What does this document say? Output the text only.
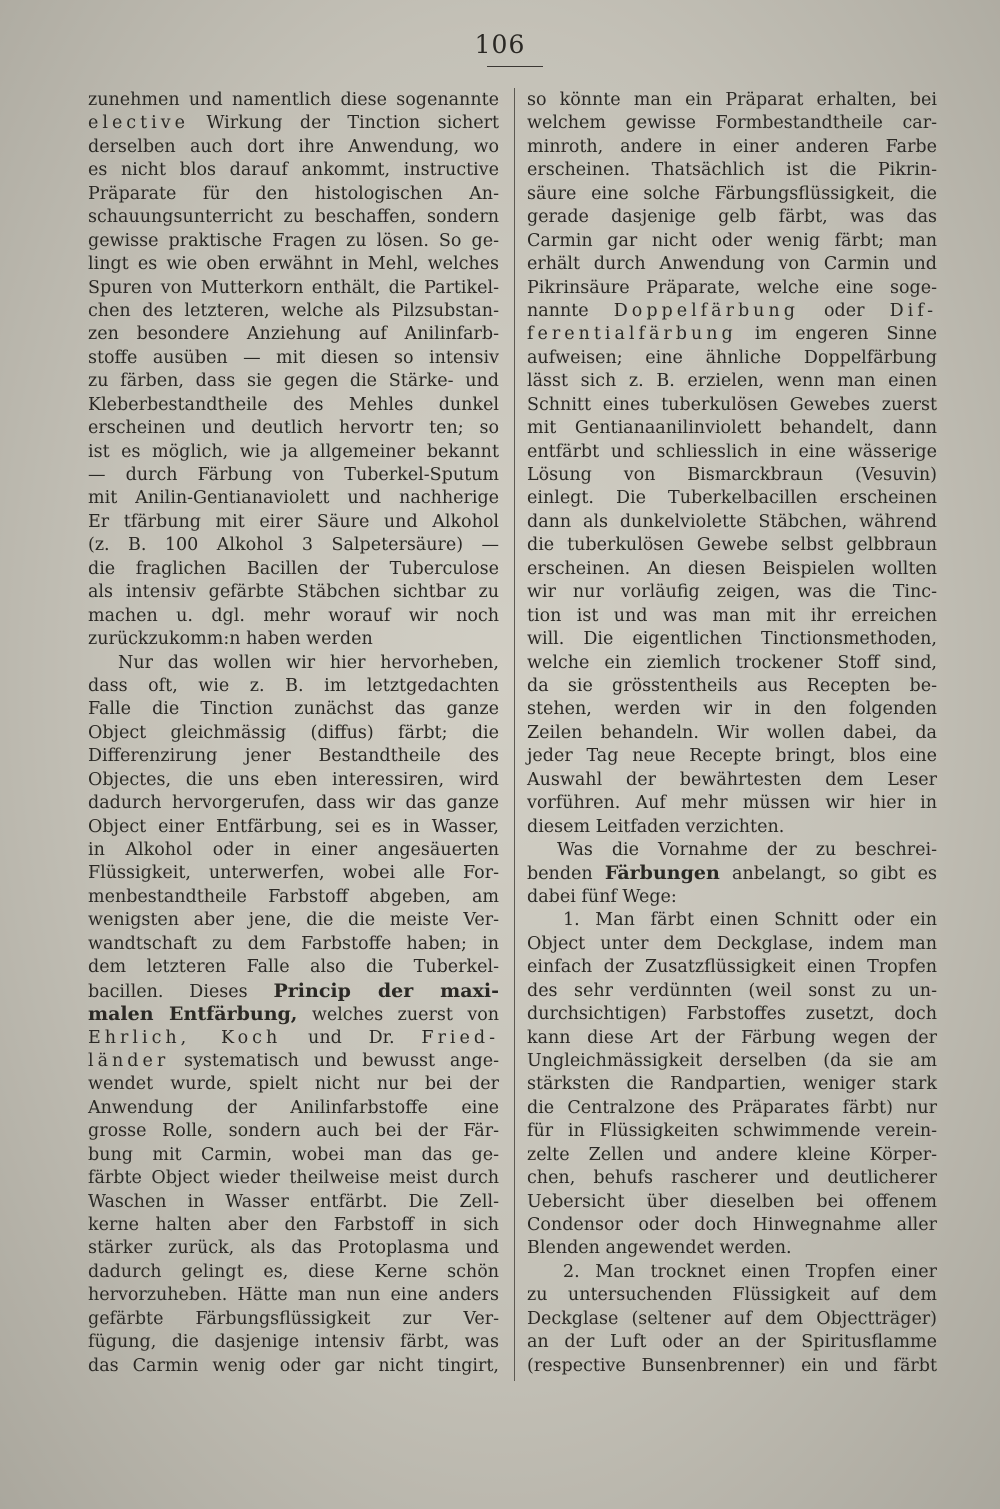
106
zunehmen und namentlich diese sogenannte
elective Wirkung der Tinction sichert
derselben auch dort ihre Anwendung, wo
es nicht blos darauf ankommt, instructive
Präparate für den histologischen An-
schauungsunterricht zu beschaffen, sondern
gewisse praktische Fragen zu lösen. So ge-
lingt es wie oben erwähnt in Mehl, welches
Spuren von Mutterkorn enthält, die Partikel-
chen des letzteren, welche als Pilzsubstan-
zen besondere Anziehung auf Anilinfarb-
stoffe ausüben — mit diesen so intensiv
zu färben, dass sie gegen die Stärke- und
Kleberbestandtheile des Mehles dunkel
erscheinen und deutlich hervortr ten; so
ist es möglich, wie ja allgemeiner bekannt
— durch Färbung von Tuberkel-Sputum
mit Anilin-Gentianaviolett und nachherige
Er tfärbung mit eirer Säure und Alkohol
(z. B. 100 Alkohol 3 Salpetersäure) —
die fraglichen Bacillen der Tuberculose
als intensiv gefärbte Stäbchen sichtbar zu
machen u. dgl. mehr worauf wir noch
zurückzukomm:n haben werden
Nur das wollen wir hier hervorheben,
dass oft, wie z. B. im letztgedachten
Falle die Tinction zunächst das ganze
Object gleichmässig (diffus) färbt; die
Differenzirung jener Bestandtheile des
Objectes, die uns eben interessiren, wird
dadurch hervorgerufen, dass wir das ganze
Object einer Entfärbung, sei es in Wasser,
in Alkohol oder in einer angesäuerten
Flüssigkeit, unterwerfen, wobei alle For-
menbestandtheile Farbstoff abgeben, am
wenigsten aber jene, die die meiste Ver-
wandtschaft zu dem Farbstoffe haben; in
dem letzteren Falle also die Tuberkel-
bacillen. Dieses Princip der maxi-
malen Entfärbung, welches zuerst von
Ehrlich, Koch und Dr. Fried-
länder systematisch und bewusst ange-
wendet wurde, spielt nicht nur bei der
Anwendung der Anilinfarbstoffe eine
grosse Rolle, sondern auch bei der Fär-
bung mit Carmin, wobei man das ge-
färbte Object wieder theilweise meist durch
Waschen in Wasser entfärbt. Die Zell-
kerne halten aber den Farbstoff in sich
stärker zurück, als das Protoplasma und
dadurch gelingt es, diese Kerne schön
hervorzuheben. Hätte man nun eine anders
gefärbte Färbungsflüssigkeit zur Ver-
fügung, die dasjenige intensiv färbt, was
das Carmin wenig oder gar nicht tingirt,
so könnte man ein Präparat erhalten, bei
welchem gewisse Formbestandtheile car-
minroth, andere in einer anderen Farbe
erscheinen. Thatsächlich ist die Pikrin-
säure eine solche Färbungsflüssigkeit, die
gerade dasjenige gelb färbt, was das
Carmin gar nicht oder wenig färbt; man
erhält durch Anwendung von Carmin und
Pikrinsäure Präparate, welche eine soge-
nannte Doppelfärbung oder Dif-
ferentialfärbung im engeren Sinne
aufweisen; eine ähnliche Doppelfärbung
lässt sich z. B. erzielen, wenn man einen
Schnitt eines tuberkulösen Gewebes zuerst
mit Gentianaanilinviolett behandelt, dann
entfärbt und schliesslich in eine wässerige
Lösung von Bismarckbraun (Vesuvin)
einlegt. Die Tuberkelbacillen erscheinen
dann als dunkelviolette Stäbchen, während
die tuberkulösen Gewebe selbst gelbbraun
erscheinen. An diesen Beispielen wollten
wir nur vorläufig zeigen, was die Tinc-
tion ist und was man mit ihr erreichen
will. Die eigentlichen Tinctionsmethoden,
welche ein ziemlich trockener Stoff sind,
da sie grösstentheils aus Recepten be-
stehen, werden wir in den folgenden
Zeilen behandeln. Wir wollen dabei, da
jeder Tag neue Recepte bringt, blos eine
Auswahl der bewährtesten dem Leser
vorführen. Auf mehr müssen wir hier in
diesem Leitfaden verzichten.
Was die Vornahme der zu beschrei-
benden Färbungen anbelangt, so gibt es
dabei fünf Wege:
1. Man färbt einen Schnitt oder ein
Object unter dem Deckglase, indem man
einfach der Zusatzflüssigkeit einen Tropfen
des sehr verdünnten (weil sonst zu un-
durchsichtigen) Farbstoffes zusetzt, doch
kann diese Art der Färbung wegen der
Ungleichmässigkeit derselben (da sie am
stärksten die Randpartien, weniger stark
die Centralzone des Präparates färbt) nur
für in Flüssigkeiten schwimmende verein-
zelte Zellen und andere kleine Körper-
chen, behufs rascherer und deutlicherer
Uebersicht über dieselben bei offenem
Condensor oder doch Hinwegnahme aller
Blenden angewendet werden.
2. Man trocknet einen Tropfen einer
zu untersuchenden Flüssigkeit auf dem
Deckglase (seltener auf dem Objectträger)
an der Luft oder an der Spiritusflamme
(respective Bunsenbrenner) ein und färbt
